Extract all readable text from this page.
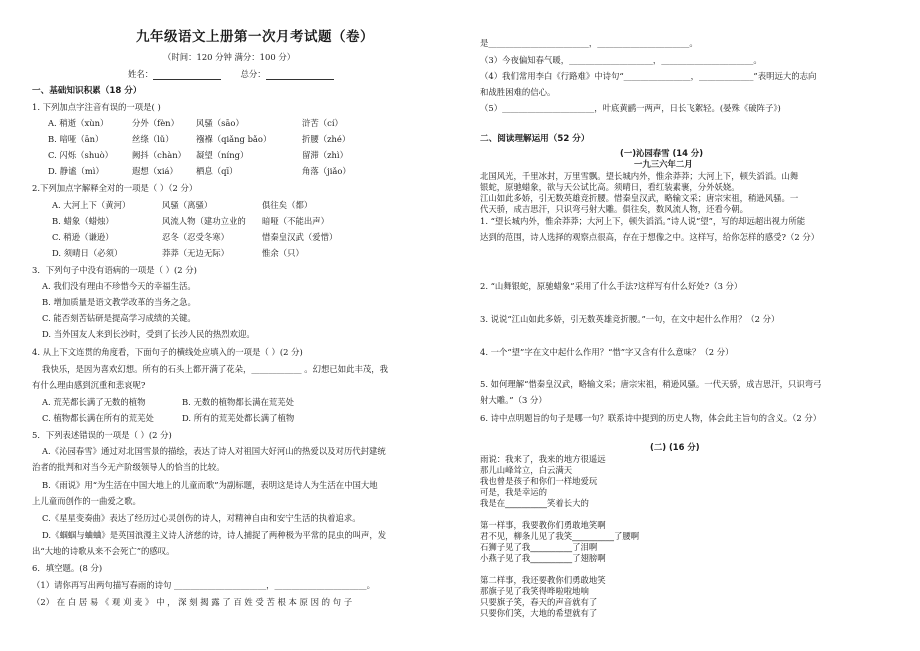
九年级语文上册第一次月考试题（卷）
（时间：120 分钟 满分：100 分）
姓名：	总分：
一、基础知识积累（18 分）
1. 下列加点字注音有误的一项是( )
A. 稍逝（xùn）	分外（fèn） 风骚（sāo）	浒苦（cí）
B. 喑哑（ān）	丝绦（lǔ）	襁褓（qiǎng bǎo）	折腰（zhé）
C. 闪烁（shuò） 阙抖（chàn） 凝望（níng）	留滞（zhì）
D. 静谧（mì）	遐想（xiá） 栖息（qī）	角落（jiǎo）
2.下列加点字解释全对的一项是（ ）（2 分）
A. 大河上下（黄河）	风骚（离骚）	俱往矣（都）
B. 蜡象（蜡烛）	风流人物（建功立业的 暗哑（不能出声）
C. 稍逊（谦逊）	忍冬（忍受冬寒）	惜秦皇汉武（爱惜）
D. 须晴日（必须）	莽莽（无边无际）	惟余（只）
3．下列句子中没有语病的一项是（ ）(2 分)
A. 我们没有理由不珍惜今天的幸福生活。
B. 增加质量是语文教学改革的当务之急。
C. 能否刻苦钻研是提高学习成绩的关键。
D. 当外国友人来到长沙时，受到了长沙人民的热烈欢迎。
4. 从上下文连贯的角度看，下面句子的横线处应填入的一项是（ ）(2 分)
我快乐，是因为喜欢幻想。所有的石头上都开满了花朵，____________ 。幻想已如此丰茂，我
有什么理由感到沉重和悲哀呢?
A. 荒芜都长满了无数的植物	B. 无数的植物都长满在荒芜处
C. 植物都长满在所有的荒芜处	D. 所有的荒芜处都长满了植物
5．下列表述错误的一项是（ ）(2 分)
A.《沁园春雪》通过对北国雪景的描绘，表达了诗人对祖国大好河山的热爱以及对历代封建统
治者的批判和对当今无产阶级领导人的恰当的比较。
B.《雨说》用“为生活在中国大地上的儿童而歌”为副标题，表明这是诗人为生活在中国大地
上儿童而创作的一曲爱之歌。
C.《星星变奏曲》表达了经历过心灵创伤的诗人，对精神自由和安宁生活的执着追求。
D.《蝈蝈与蛐蛐》是英国浪漫主义诗人济慈的诗，诗人捕捉了两种极为平常的昆虫的叫声，发
出“大地的诗歌从来不会死亡”的感叹。
6．填空题。(8 分)
（1）请你再写出两句描写春雨的诗句 ______________________，______________________。
（2） 在 白 居 易 《 观 刈 麦 》 中 ， 深 刻 揭 露 了 百 姓 受 苦 根 本 原 因 的 句 子
是________________________，______________________。
（3）今夜偏知春气暖，____________________，______________________。
（4）我们常用李白《行路难》中诗句“________________，_____________”表明远大的志向
和战胜困难的信心。
（5）______________________，叶底黄鹂一两声，日长飞絮轻。(晏殊《破阵子》)
二、阅读理解运用（52 分）
(一)沁园春雪 (14 分)
一九三六年二月
北国风光，千里冰封，万里雪飘。望长城内外，惟余莽莽；大河上下，顿失滔滔。山舞
银蛇，原驰蜡象，欲与天公试比高。须晴日，看红装素裹，分外妖娆。
江山如此多娇，引无数英雄竞折腰。惜秦皇汉武，略输文采；唐宗宋祖，稍逊风骚。一
代天骄，成吉思汗，只识弯弓射大雕。俱往矣，数风流人物，还看今朝。
1. “望长城内外，惟余莽莽；大河上下，顿失滔滔。”诗人说“望”，写的却远超出视力所能
达到的范围，诗人选择的观察点很高，存在于想像之中。这样写，给你怎样的感受?（2 分）
2. “山舞银蛇，原驰蜡象”采用了什么手法?这样写有什么好处?（3 分）
3. 说说“江山如此多娇，引无数英雄竞折腰。”一句，在文中起什么作用？（2 分）
4. 一个“望”字在文中起什么作用？“惜”字又含有什么意味？（2 分）
5. 如何理解“惜秦皇汉武，略输文采；唐宗宋祖，稍逊风骚。一代天骄，成吉思汗，只识弯弓
射大雕。”（3 分）
6. 诗中点明题旨的句子是哪一句？联系诗中提到的历史人物，体会此主旨句的含义。（2 分）
(二) (16 分)
雨说：我来了，我来的地方很遥远
那儿山峰耸立，白云满天
我也曾是孩子和你们一样地爱玩
可是，我是幸运的
我是在__________笑着长大的
第一样事，我要教你们勇敢地笑啊
君不见，柳条儿见了我笑__________了腰啊
石狮子见了我__________了泪啊
小燕子见了我__________了翅膀啊
第二样事，我还要教你们勇敢地笑
那旗子见了我笑得哗啦啦地响
只要旗子笑，春天的声音就有了
只要你们笑，大地的希望就有了
